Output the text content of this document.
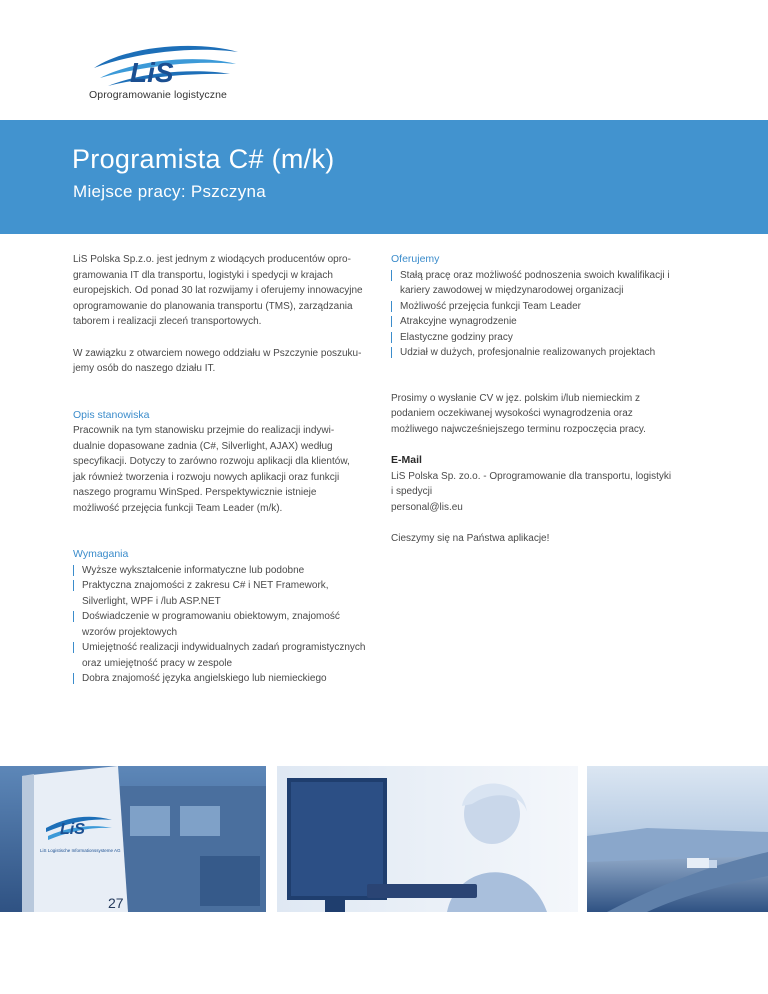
LiS
Oprogramowanie logistyczne
Programista C# (m/k)
Miejsce pracy: Pszczyna

LiS Polska Sp.z.o. jest jednym z wiodących producentów opro-
gramowania IT dla transportu, logistyki i spedycji w krajach
europejskich. Od ponad 30 lat rozwijamy i oferujemy innowacyjne
oprogramowanie do planowania transportu (TMS), zarządzania
taborem i realizacji zleceń transportowych.

W zawiązku z otwarciem nowego oddziału w Pszczynie poszuku-
jemy osób do naszego działu IT.

Opis stanowiska

Pracownik na tym stanowisku przejmie do realizacji indywi-
dualnie dopasowane zadnia (C#, Silverlight, AJAX) według
specyfikacji. Dotyczy to zarówno rozwoju aplikacji dla klientów,
jak również tworzenia i rozwoju nowych aplikacji oraz funkcji
naszego programu WinSped. Perspektywicznie istnieje
możliwość przejęcia funkcji Team Leader (m/k).

Wymagania
Wyższe wykształcenie informatyczne lub podobne
Praktyczna znajomości z zakresu C# i NET Framework,
Silverlight, WPF i /lub ASP.NET
Doświadczenie w programowaniu obiektowym, znajomość
wzorów projektowych
Umiejętność realizacji indywidualnych zadań programistycznych
oraz umiejętność pracy w zespole
Dobra znajomość języka angielskiego lub niemieckiego
Oferujemy
Stałą pracę oraz możliwość podnoszenia swoich kwalifikacji i
kariery zawodowej w międzynarodowej organizacji
Możliwość przejęcia funkcji Team Leader
Atrakcyjne wynagrodzenie
Elastyczne godziny pracy
Udział w dużych, profesjonalnie realizowanych projektach

Prosimy o wysłanie CV w jęz. polskim i/lub niemieckim z
podaniem oczekiwanej wysokości wynagrodzenia oraz
możliwego najwcześniejszego terminu rozpoczęcia pracy.

E-Mail

LiS Polska Sp. zo.o. - Oprogramowanie dla transportu, logistyki
i spedycji

personal@lis.eu

Cieszymy się na Państwa aplikacje!

LiS
LiS Logistische Informationssysteme AG
27
